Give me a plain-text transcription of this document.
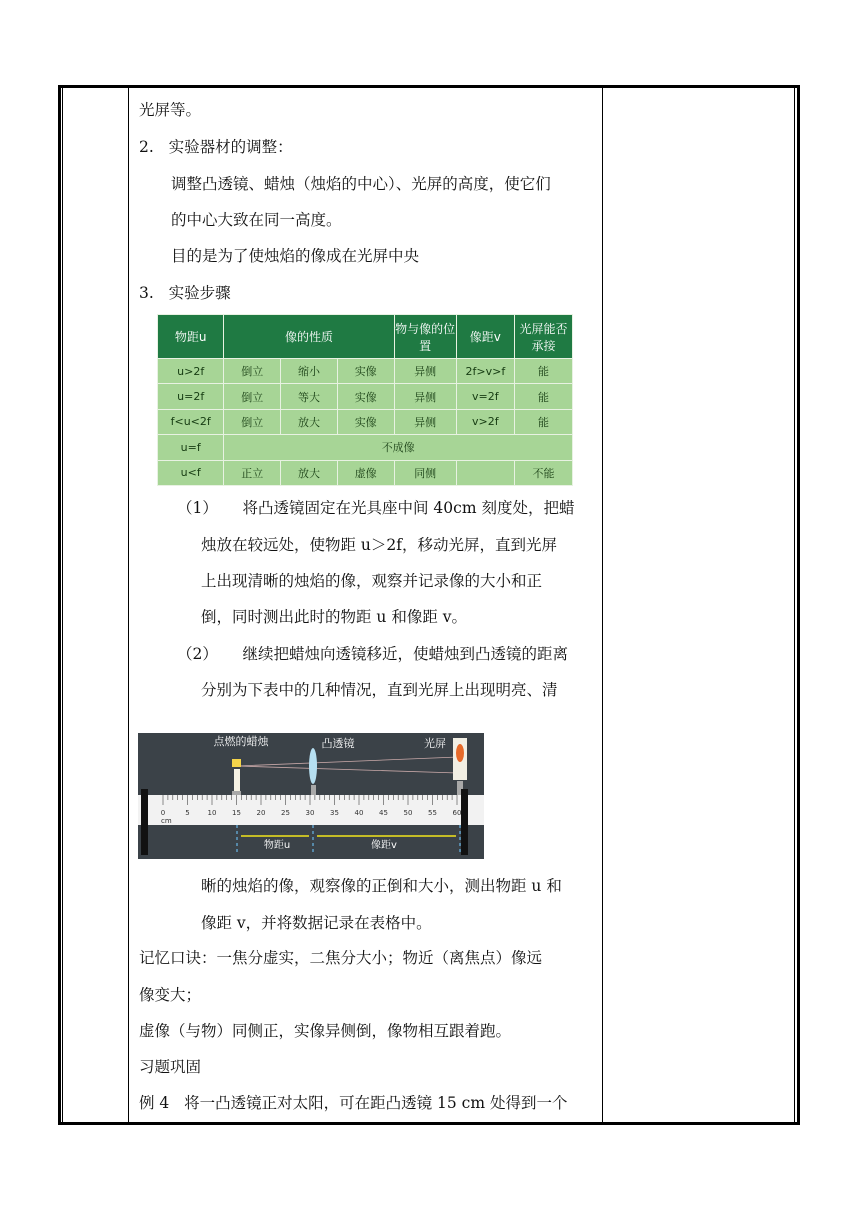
光屏等。
2.   实验器材的调整：
调整凸透镜、蜡烛（烛焰的中心）、光屏的高度，使它们
的中心大致在同一高度。
目的是为了使烛焰的像成在光屏中央
3.   实验步骤
物距u	像的性质			物与像的位置	像距v	光屏能否承接
u>2f	倒立	缩小	实像	异侧	2f>v>f	能
u=2f	倒立	等大	实像	异侧	v=2f	能
f<u<2f	倒立	放大	实像	异侧	v>2f	能
u=f	不成像					
u<f	正立	放大	虚像	同侧		不能
（1）     将凸透镜固定在光具座中间 40cm 刻度处，把蜡
烛放在较远处，使物距 u＞2f，移动光屏，直到光屏
上出现清晰的烛焰的像，观察并记录像的大小和正
倒，同时测出此时的物距 u 和像距 v。
（2）     继续把蜡烛向透镜移近，使蜡烛到凸透镜的距离
分别为下表中的几种情况，直到光屏上出现明亮、清
0	5	10 15 20 25 30 35 40 45 50 55 60
物距u	像距v
点燃的蜡烛	凸透镜	光屏
cm
晰的烛焰的像，观察像的正倒和大小，测出物距 u 和
像距 v，并将数据记录在表格中。
记忆口诀：一焦分虚实，二焦分大小；物近（离焦点）像远
像变大；
虚像（与物）同侧正，实像异侧倒，像物相互跟着跑。
习题巩固
例 4   将一凸透镜正对太阳，可在距凸透镜 15 cm 处得到一个
